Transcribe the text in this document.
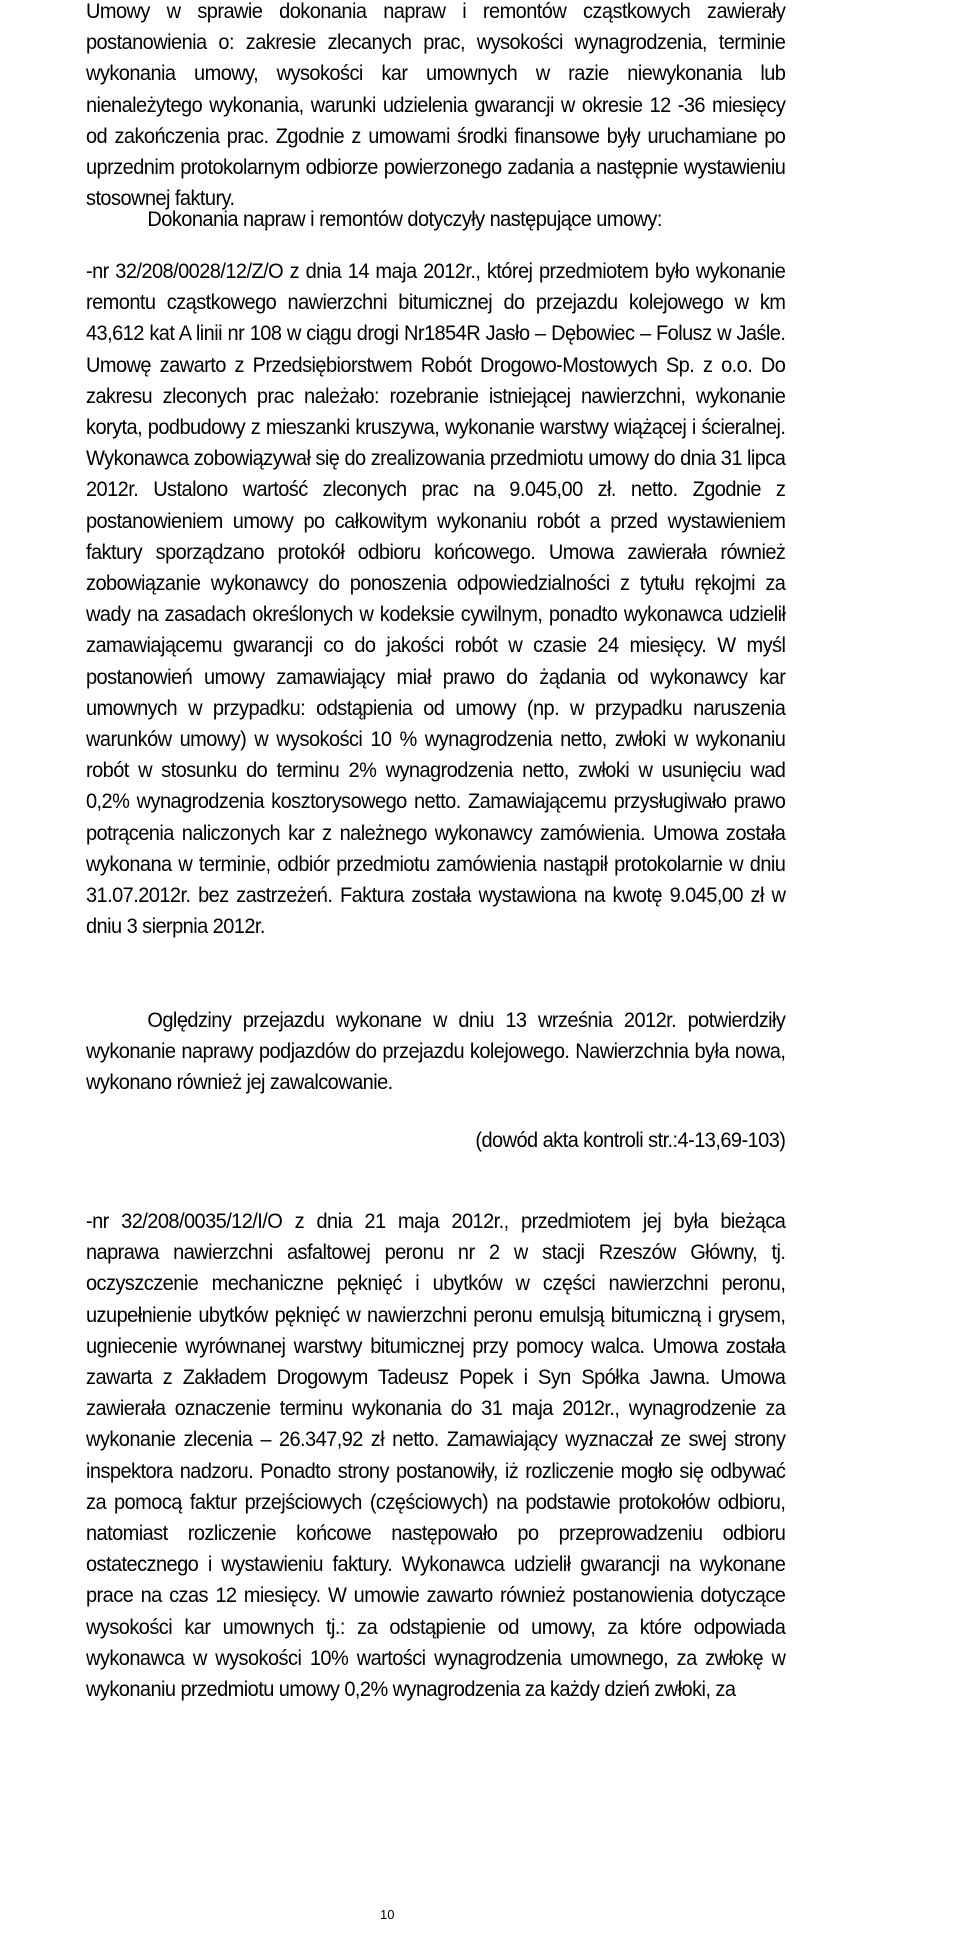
Umowy w sprawie dokonania napraw i remontów cząstkowych zawierały postanowienia o: zakresie zlecanych prac, wysokości wynagrodzenia, terminie wykonania umowy, wysokości kar umownych w razie niewykonania lub nienależytego wykonania, warunki udzielenia gwarancji w okresie 12 -36 miesięcy od zakończenia prac. Zgodnie z umowami środki finansowe były uruchamiane po uprzednim protokolarnym odbiorze powierzonego zadania a następnie wystawieniu stosownej faktury.

Dokonania napraw i remontów dotyczyły następujące umowy:

-nr 32/208/0028/12/Z/O z dnia 14 maja 2012r., której przedmiotem było wykonanie remontu cząstkowego nawierzchni bitumicznej do przejazdu kolejowego w km 43,612 kat A linii nr 108 w ciągu drogi Nr1854R Jasło – Dębowiec – Folusz w Jaśle. Umowę zawarto z Przedsiębiorstwem Robót Drogowo-Mostowych Sp. z o.o. Do zakresu zleconych prac należało: rozebranie istniejącej nawierzchni, wykonanie koryta, podbudowy z mieszanki kruszywa, wykonanie warstwy wiążącej i ścieralnej. Wykonawca zobowiązywał się do zrealizowania przedmiotu umowy do dnia 31 lipca 2012r. Ustalono wartość zleconych prac na 9.045,00 zł. netto. Zgodnie z postanowieniem umowy po całkowitym wykonaniu robót a przed wystawieniem faktury sporządzano protokół odbioru końcowego. Umowa zawierała również zobowiązanie wykonawcy do ponoszenia odpowiedzialności z tytułu rękojmi za wady na zasadach określonych w kodeksie cywilnym, ponadto wykonawca udzielił zamawiającemu gwarancji co do jakości robót w czasie 24 miesięcy. W myśl postanowień umowy zamawiający miał prawo do żądania od wykonawcy kar umownych w przypadku: odstąpienia od umowy (np. w przypadku naruszenia warunków umowy) w wysokości 10 % wynagrodzenia netto, zwłoki w wykonaniu robót w stosunku do terminu 2% wynagrodzenia netto, zwłoki w usunięciu wad 0,2% wynagrodzenia kosztorysowego netto. Zamawiającemu przysługiwało prawo potrącenia naliczonych kar z należnego wykonawcy zamówienia. Umowa została wykonana w terminie, odbiór przedmiotu zamówienia nastąpił protokolarnie w dniu 31.07.2012r. bez zastrzeżeń. Faktura została wystawiona na kwotę 9.045,00 zł w dniu 3 sierpnia 2012r.

Oględziny przejazdu wykonane w dniu 13 września 2012r. potwierdziły wykonanie naprawy podjazdów do przejazdu kolejowego. Nawierzchnia była nowa, wykonano również jej zawalcowanie.

(dowód akta kontroli str.:4-13,69-103)

-nr 32/208/0035/12/I/O z dnia 21 maja 2012r., przedmiotem jej była bieżąca naprawa nawierzchni asfaltowej peronu nr 2 w stacji Rzeszów Główny, tj. oczyszczenie mechaniczne pęknięć i ubytków w części nawierzchni peronu, uzupełnienie ubytków pęknięć w nawierzchni peronu emulsją bitumiczną i grysem, ugniecenie wyrównanej warstwy bitumicznej przy pomocy walca. Umowa została zawarta z Zakładem Drogowym Tadeusz Popek i Syn Spółka Jawna. Umowa zawierała oznaczenie terminu wykonania do 31 maja 2012r., wynagrodzenie za wykonanie zlecenia – 26.347,92 zł netto. Zamawiający wyznaczał ze swej strony inspektora nadzoru. Ponadto strony postanowiły, iż rozliczenie mogło się odbywać za pomocą faktur przejściowych (częściowych) na podstawie protokołów odbioru, natomiast rozliczenie końcowe następowało po przeprowadzeniu odbioru ostatecznego i wystawieniu faktury. Wykonawca udzielił gwarancji na wykonane prace na czas 12 miesięcy. W umowie zawarto również postanowienia dotyczące wysokości kar umownych tj.: za odstąpienie od umowy, za które odpowiada wykonawca w wysokości 10% wartości wynagrodzenia umownego, za zwłokę w wykonaniu przedmiotu umowy 0,2% wynagrodzenia za każdy dzień zwłoki, za

10
